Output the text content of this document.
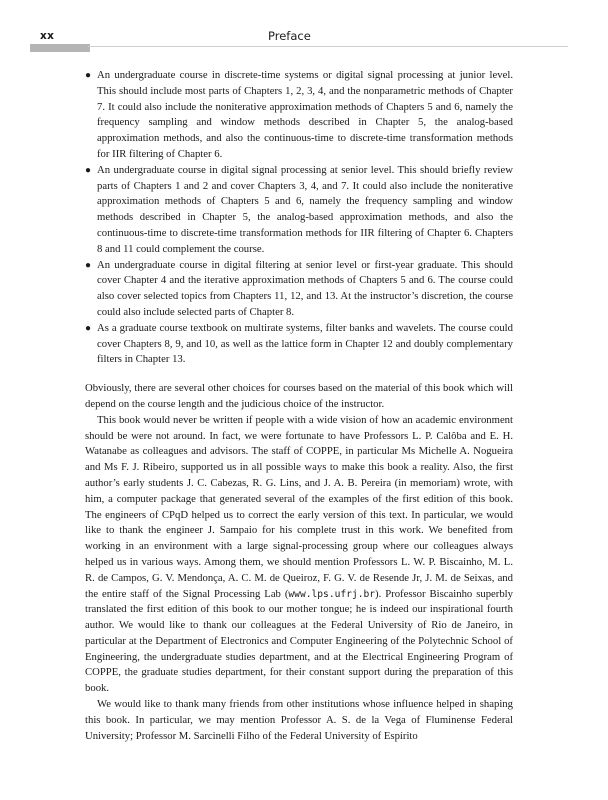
xx	Preface
● An undergraduate course in discrete-time systems or digital signal processing at junior level. This should include most parts of Chapters 1, 2, 3, 4, and the nonparametric methods of Chapter 7. It could also include the noniterative approximation methods of Chapters 5 and 6, namely the frequency sampling and window methods described in Chapter 5, the analog-based approximation methods, and also the continuous-time to discrete-time transformation methods for IIR filtering of Chapter 6.
● An undergraduate course in digital signal processing at senior level. This should briefly review parts of Chapters 1 and 2 and cover Chapters 3, 4, and 7. It could also include the noniterative approximation methods of Chapters 5 and 6, namely the frequency sampling and window methods described in Chapter 5, the analog-based approximation methods, and also the continuous-time to discrete-time transformation methods for IIR filtering of Chapter 6. Chapters 8 and 11 could complement the course.
● An undergraduate course in digital filtering at senior level or first-year graduate. This should cover Chapter 4 and the iterative approximation methods of Chapters 5 and 6. The course could also cover selected topics from Chapters 11, 12, and 13. At the instructor’s discretion, the course could also include selected parts of Chapter 8.
● As a graduate course textbook on multirate systems, filter banks and wavelets. The course could cover Chapters 8, 9, and 10, as well as the lattice form in Chapter 12 and doubly complementary filters in Chapter 13.

Obviously, there are several other choices for courses based on the material of this book which will depend on the course length and the judicious choice of the instructor.

This book would never be written if people with a wide vision of how an academic environment should be were not around. In fact, we were fortunate to have Professors L. P. Calôba and E. H. Watanabe as colleagues and advisors. The staff of COPPE, in particular Ms Michelle A. Nogueira and Ms F. J. Ribeiro, supported us in all possible ways to make this book a reality. Also, the first author’s early students J. C. Cabezas, R. G. Lins, and J. A. B. Pereira (in memoriam) wrote, with him, a computer package that generated several of the examples of the first edition of this book. The engineers of CPqD helped us to correct the early version of this text. In particular, we would like to thank the engineer J. Sampaio for his complete trust in this work. We benefited from working in an environment with a large signal-processing group where our colleagues always helped us in various ways. Among them, we should mention Professors L. W. P. Biscainho, M. L. R. de Campos, G. V. Mendonça, A. C. M. de Queiroz, F. G. V. de Resende Jr, J. M. de Seixas, and the entire staff of the Signal Processing Lab (www.lps.ufrj.br). Professor Biscainho superbly translated the first edition of this book to our mother tongue; he is indeed our inspirational fourth author. We would like to thank our colleagues at the Federal University of Rio de Janeiro, in particular at the Department of Electronics and Computer Engineering of the Polytechnic School of Engineering, the undergraduate studies department, and at the Electrical Engineering Program of COPPE, the graduate studies department, for their constant support during the preparation of this book.

We would like to thank many friends from other institutions whose influence helped in shaping this book. In particular, we may mention Professor A. S. de la Vega of Fluminense Federal University; Professor M. Sarcinelli Filho of the Federal University of Espírito
